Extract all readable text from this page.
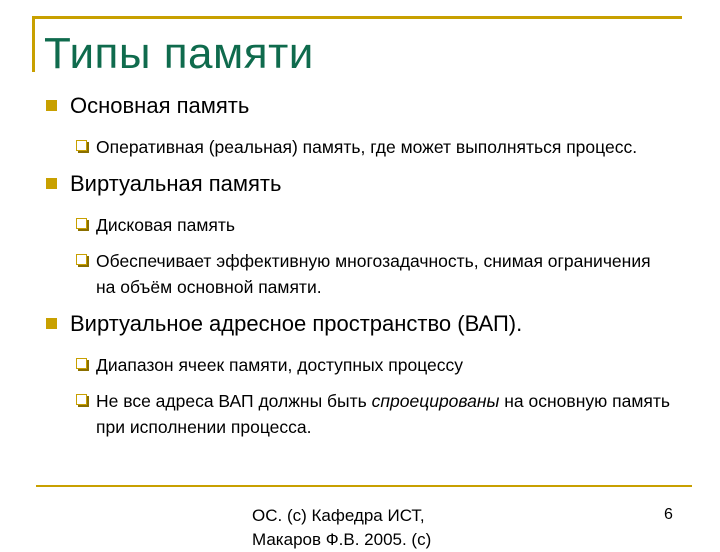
Типы памяти
Основная память
Оперативная (реальная) память, где может выполняться процесс.
Виртуальная память
Дисковая память
Обеспечивает эффективную многозадачность, снимая ограничения на объём основной памяти.
Виртуальное адресное пространство (ВАП).
Диапазон ячеек памяти, доступных процессу
Не все адреса ВАП должны быть спроецированы на основную память при исполнении процесса.
ОС. (с) Кафедра ИСТ, Макаров Ф.В. 2005. (с)
6
